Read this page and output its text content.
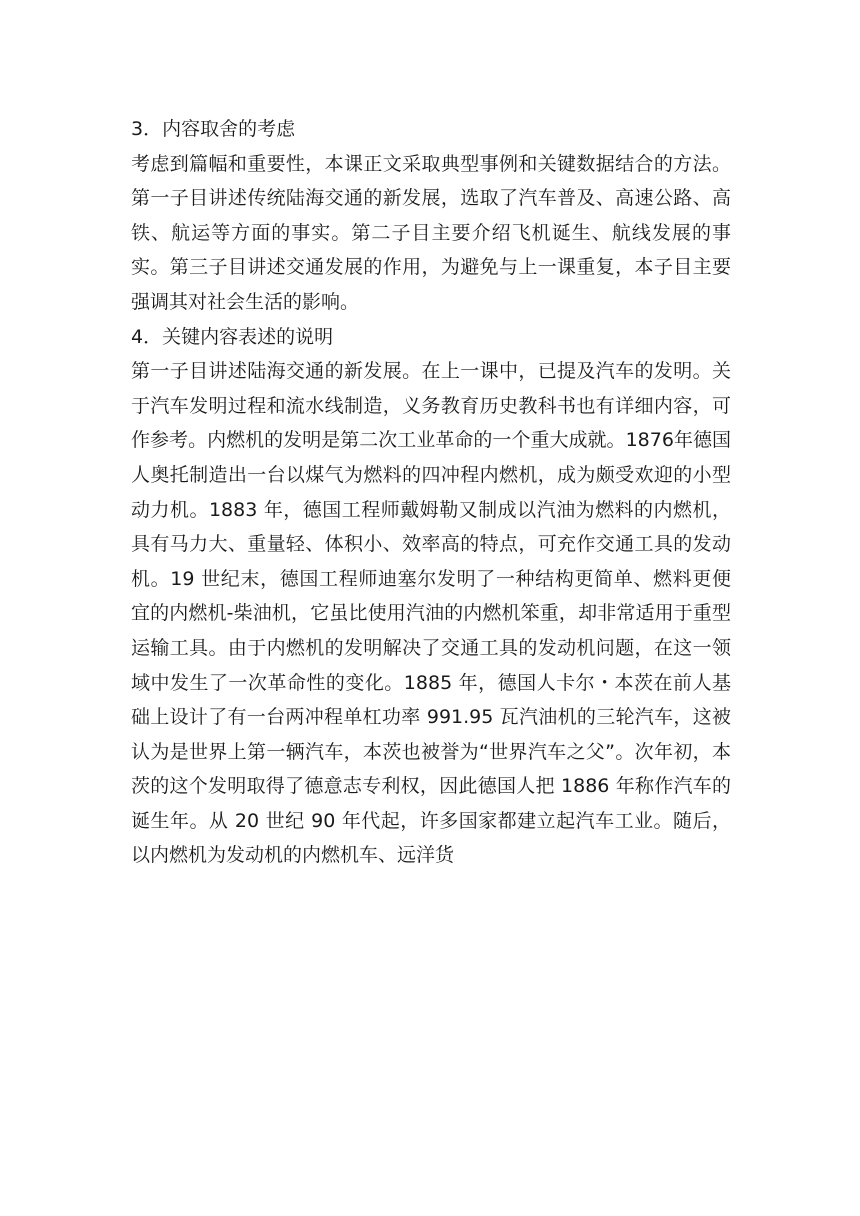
3．内容取舍的考虑
考虑到篇幅和重要性，本课正文采取典型事例和关键数据结合的方法。第一子目讲述传统陆海交通的新发展，选取了汽车普及、高速公路、高铁、航运等方面的事实。第二子目主要介绍飞机诞生、航线发展的事实。第三子目讲述交通发展的作用，为避免与上一课重复，本子目主要强调其对社会生活的影响。
4．关键内容表述的说明
第一子目讲述陆海交通的新发展。在上一课中，已提及汽车的发明。关于汽车发明过程和流水线制造，义务教育历史教科书也有详细内容，可作参考。内燃机的发明是第二次工业革命的一个重大成就。1876年德国人奥托制造出一台以煤气为燃料的四冲程内燃机，成为颇受欢迎的小型动力机。1883 年，德国工程师戴姆勒又制成以汽油为燃料的内燃机，具有马力大、重量轻、体积小、效率高的特点，可充作交通工具的发动机。19 世纪末，德国工程师迪塞尔发明了一种结构更简单、燃料更便宜的内燃机-柴油机，它虽比使用汽油的内燃机笨重，却非常适用于重型运输工具。由于内燃机的发明解决了交通工具的发动机问题，在这一领域中发生了一次革命性的变化。1885 年，德国人卡尔・本茨在前人基础上设计了有一台两冲程单杠功率 991.95 瓦汽油机的三轮汽车，这被认为是世界上第一辆汽车，本茨也被誉为“世界汽车之父”。次年初，本茨的这个发明取得了德意志专利权，因此德国人把 1886 年称作汽车的诞生年。从 20 世纪 90 年代起，许多国家都建立起汽车工业。随后，以内燃机为发动机的内燃机车、远洋货
